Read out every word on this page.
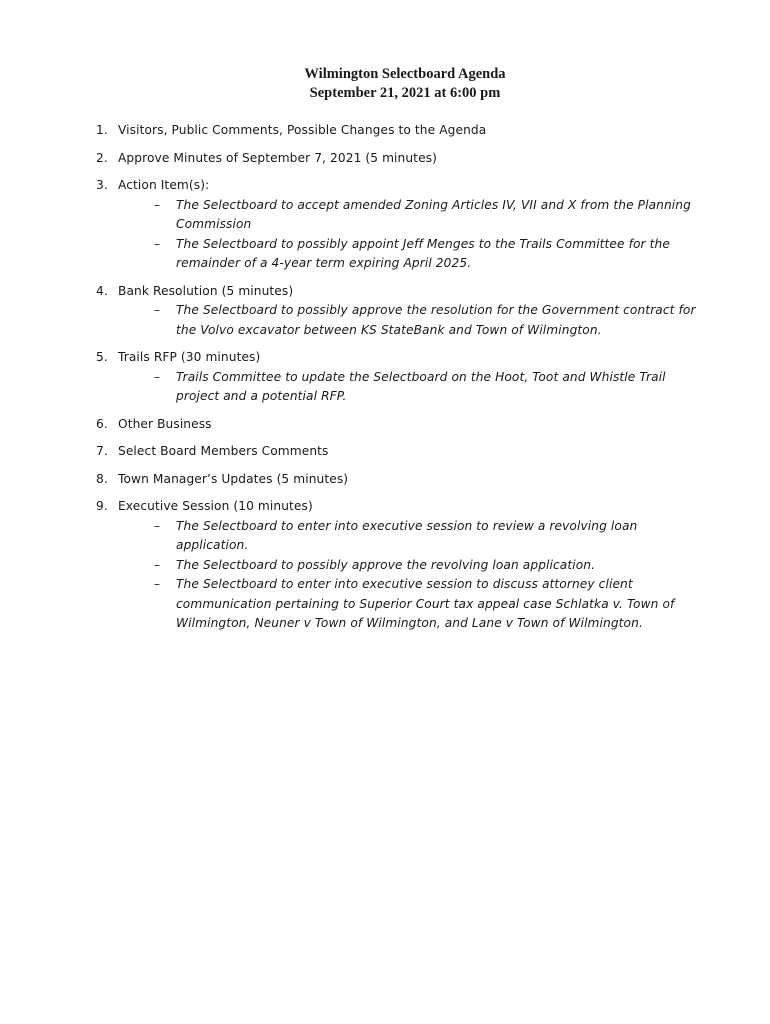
Wilmington Selectboard Agenda
September 21, 2021 at 6:00 pm
1. Visitors, Public Comments, Possible Changes to the Agenda
2. Approve Minutes of September 7, 2021 (5 minutes)
3. Action Item(s):
– The Selectboard to accept amended Zoning Articles IV, VII and X from the Planning Commission
– The Selectboard to possibly appoint Jeff Menges to the Trails Committee for the remainder of a 4-year term expiring April 2025.
4. Bank Resolution (5 minutes)
– The Selectboard to possibly approve the resolution for the Government contract for the Volvo excavator between KS StateBank and Town of Wilmington.
5. Trails RFP (30 minutes)
– Trails Committee to update the Selectboard on the Hoot, Toot and Whistle Trail project and a potential RFP.
6. Other Business
7. Select Board Members Comments
8. Town Manager’s Updates (5 minutes)
9. Executive Session (10 minutes)
– The Selectboard to enter into executive session to review a revolving loan application.
– The Selectboard to possibly approve the revolving loan application.
– The Selectboard to enter into executive session to discuss attorney client communication pertaining to Superior Court tax appeal case Schlatka v. Town of Wilmington, Neuner v Town of Wilmington, and Lane v Town of Wilmington.
